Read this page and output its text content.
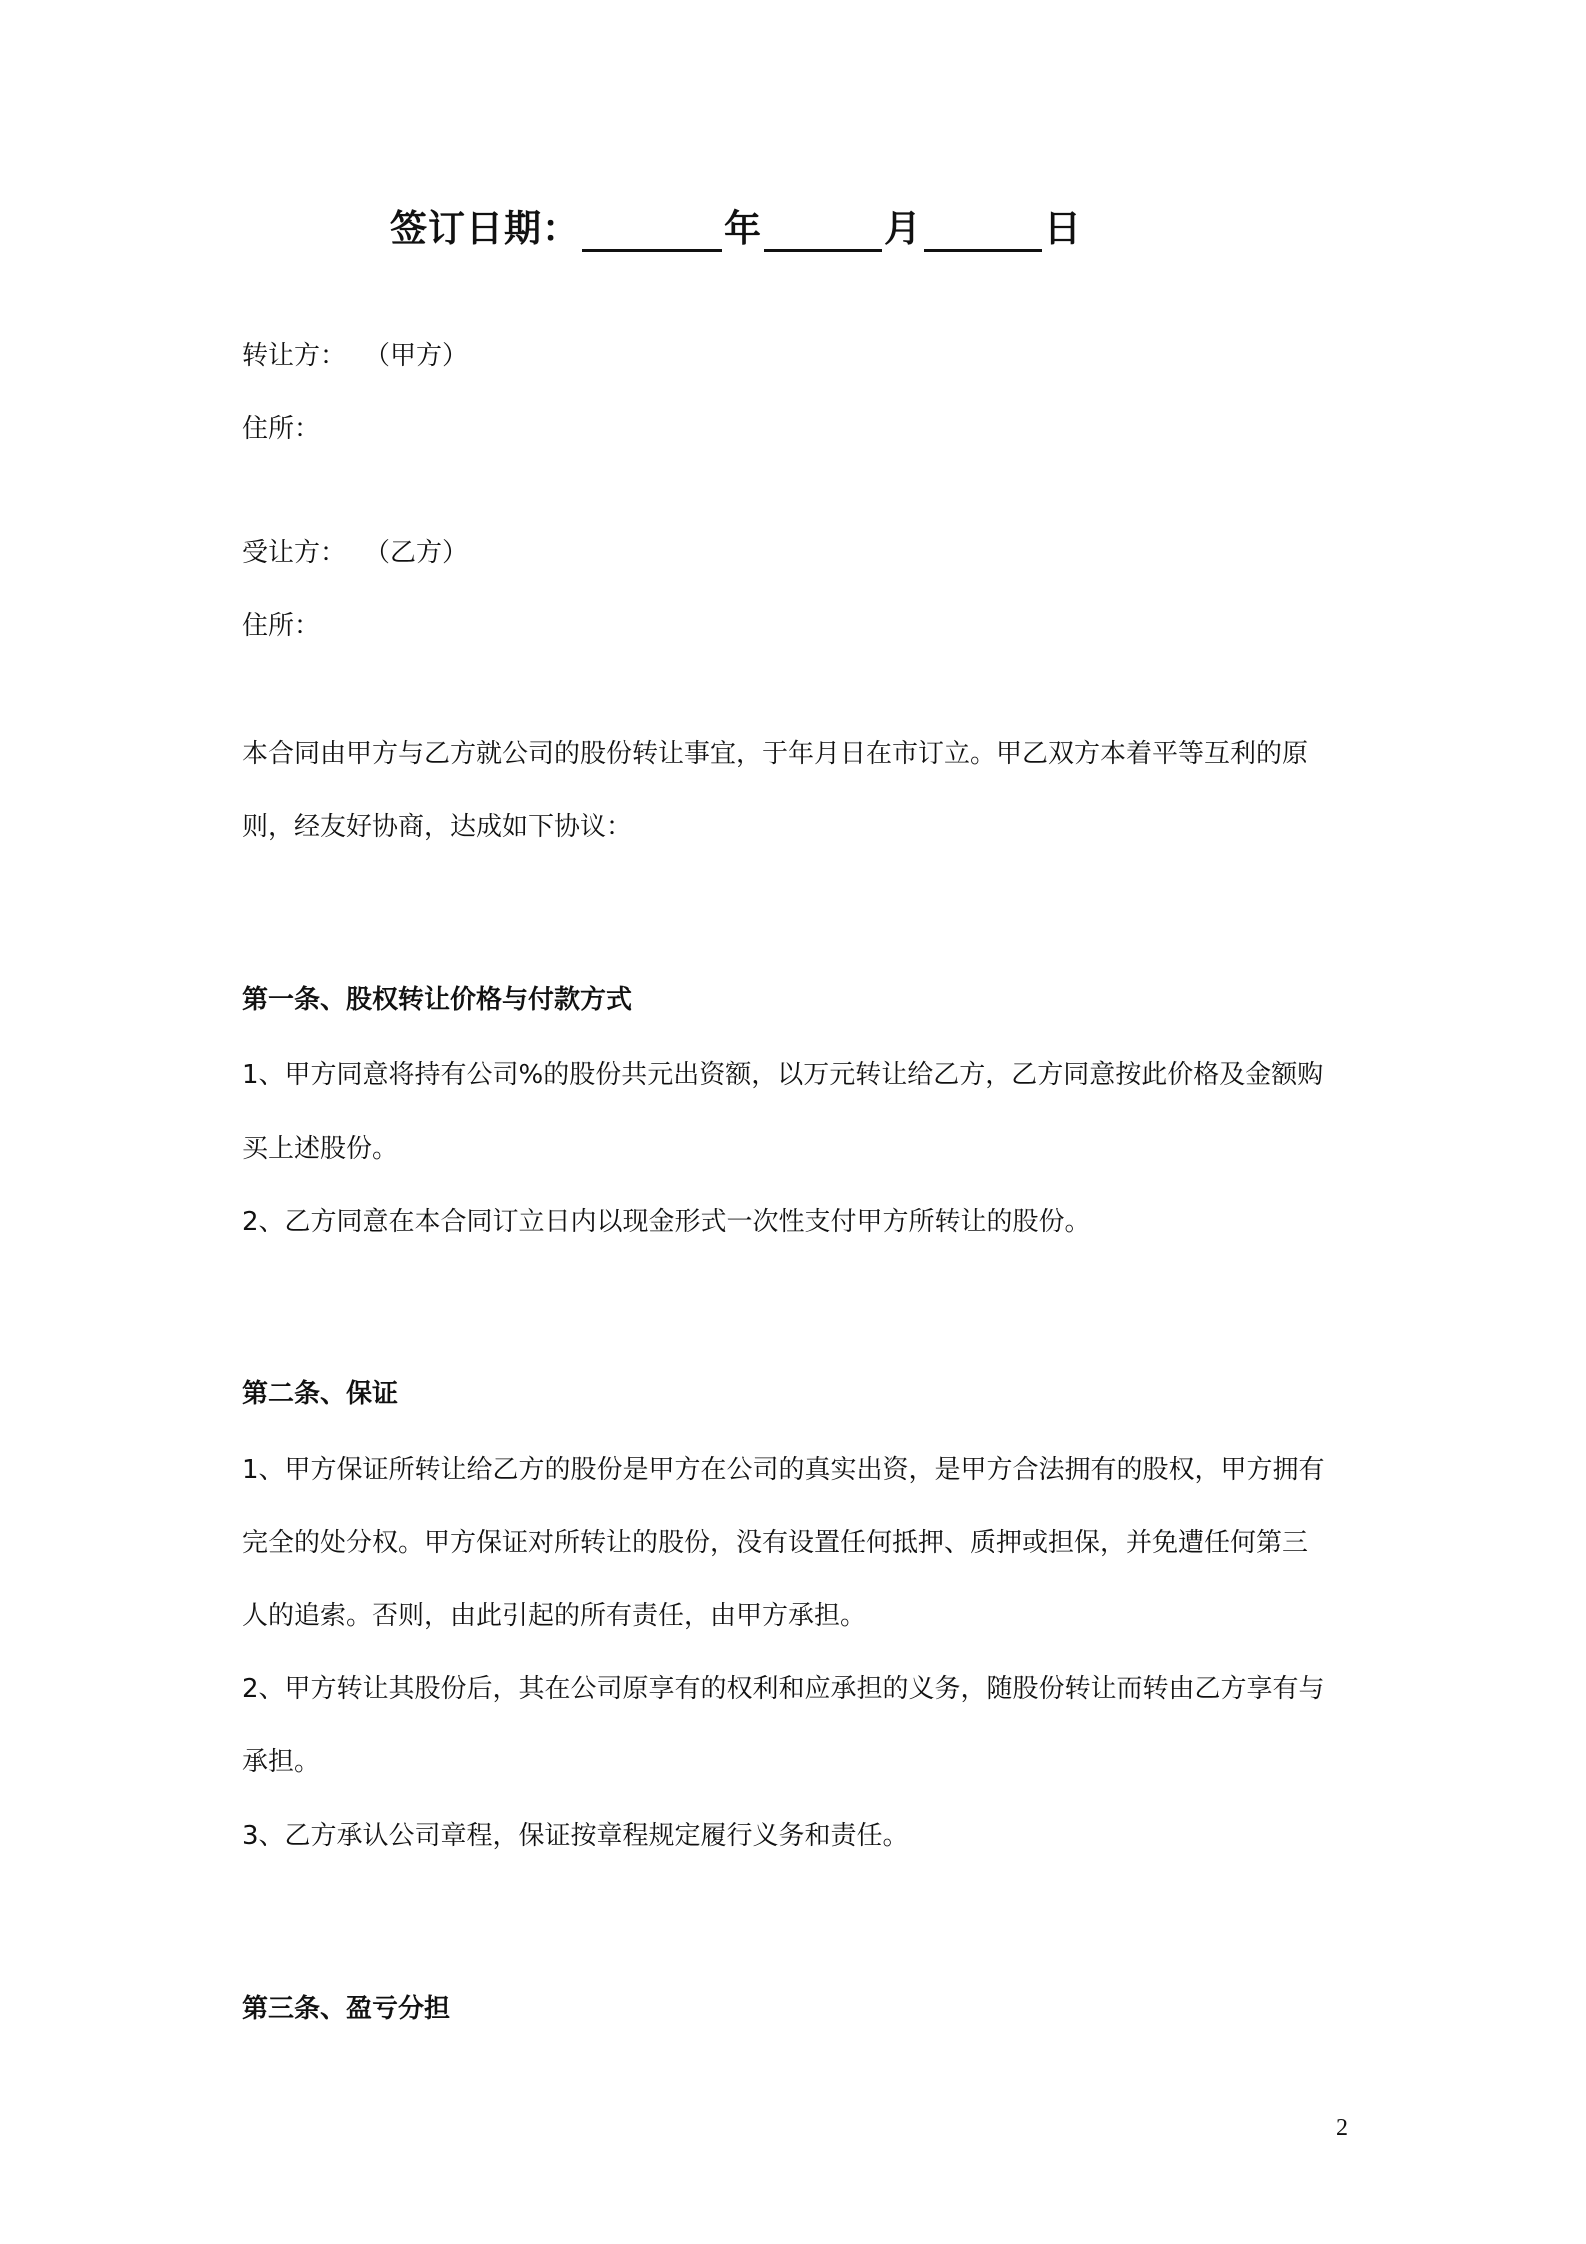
签订日期：	年	月	日
转让方： （甲方）
住所：
受让方： （乙方）
住所：
本合同由甲方与乙方就公司的股份转让事宜，于年月日在市订立。甲乙双方本着平等互利的原
则，经友好协商，达成如下协议：
第一条、股权转让价格与付款方式
1、甲方同意将持有公司%的股份共元出资额，以万元转让给乙方，乙方同意按此价格及金额购
买上述股份。
2、乙方同意在本合同订立日内以现金形式一次性支付甲方所转让的股份。
第二条、保证
1、甲方保证所转让给乙方的股份是甲方在公司的真实出资，是甲方合法拥有的股权，甲方拥有
完全的处分权。甲方保证对所转让的股份，没有设置任何抵押、质押或担保，并免遭任何第三
人的追索。否则，由此引起的所有责任，由甲方承担。
2、甲方转让其股份后，其在公司原享有的权利和应承担的义务，随股份转让而转由乙方享有与
承担。
3、乙方承认公司章程，保证按章程规定履行义务和责任。
第三条、盈亏分担
2
